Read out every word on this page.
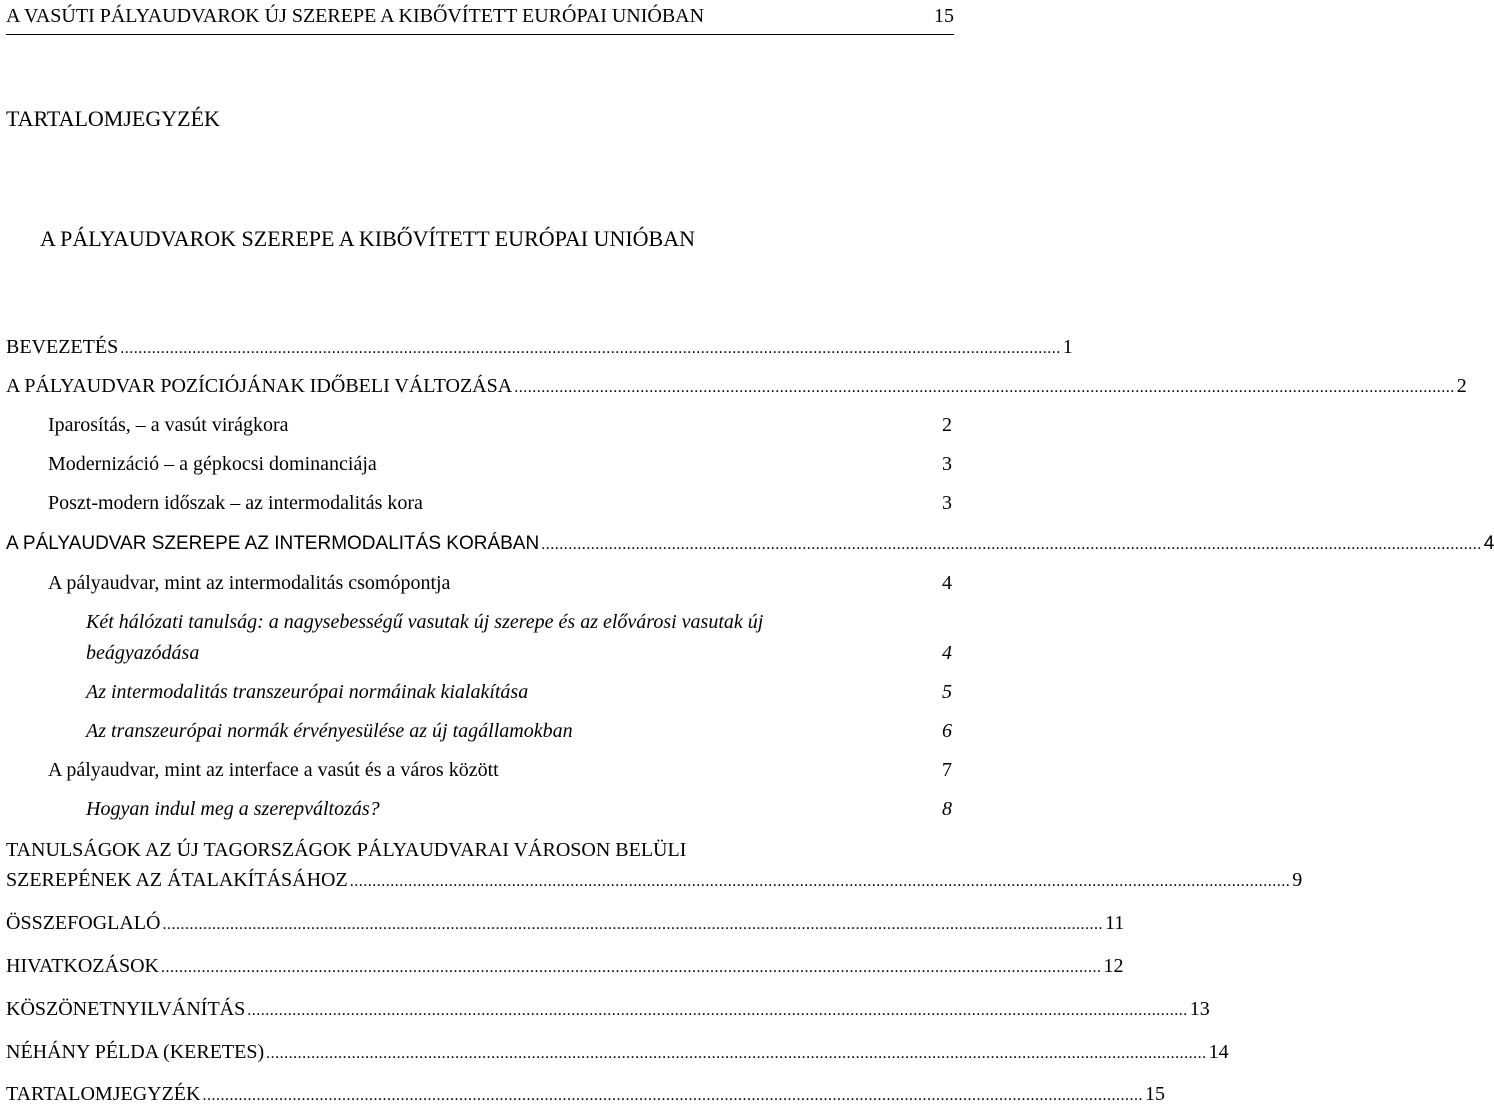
A VASÚTI PÁLYAUDVAROK ÚJ SZEREPE A KIBŐVÍTETT EURÓPAI UNIÓBAN	15
TARTALOMJEGYZÉK
A PÁLYAUDVAROK SZEREPE A KIBŐVÍTETT EURÓPAI UNIÓBAN
BEVEZETÉS ................................................................................................................................................................................................................. 1
A PÁLYAUDVAR POZÍCIÓJÁNAK IDŐBELI VÁLTOZÁSA ................................................................................................................................................................................................................. 2
Iparosítás, – a vasút virágkora	2
Modernizáció – a gépkocsi dominanciája	3
Poszt-modern időszak – az intermodalitás kora	3
A PÁLYAUDVAR SZEREPE AZ INTERMODALITÁS KORÁBAN ................................................................................................................................................................................................................. 4
A pályaudvar, mint az intermodalitás csomópontja	4
Két hálózati tanulság: a nagysebességű vasutak új szerepe és az elővárosi vasutak új
beágyazódása	4
Az intermodalitás transzeurópai normáinak kialakítása	5
Az transzeurópai normák érvényesülése az új tagállamokban	6
A pályaudvar, mint az interface a vasút és a város között	7
Hogyan indul meg a szerepváltozás?	8
TANULSÁGOK AZ ÚJ TAGORSZÁGOK PÁLYAUDVARAI VÁROSON BELÜLI
SZEREPÉNEK AZ ÁTALAKÍTÁSÁHOZ ................................................................................................................................................................................................................. 9
ÖSSZEFOGLALÓ ................................................................................................................................................................................................................. 11
HIVATKOZÁSOK ................................................................................................................................................................................................................. 12
KÖSZÖNETNYILVÁNÍTÁS ................................................................................................................................................................................................................. 13
NÉHÁNY PÉLDA (KERETES) ................................................................................................................................................................................................................. 14
TARTALOMJEGYZÉK ................................................................................................................................................................................................................. 15
